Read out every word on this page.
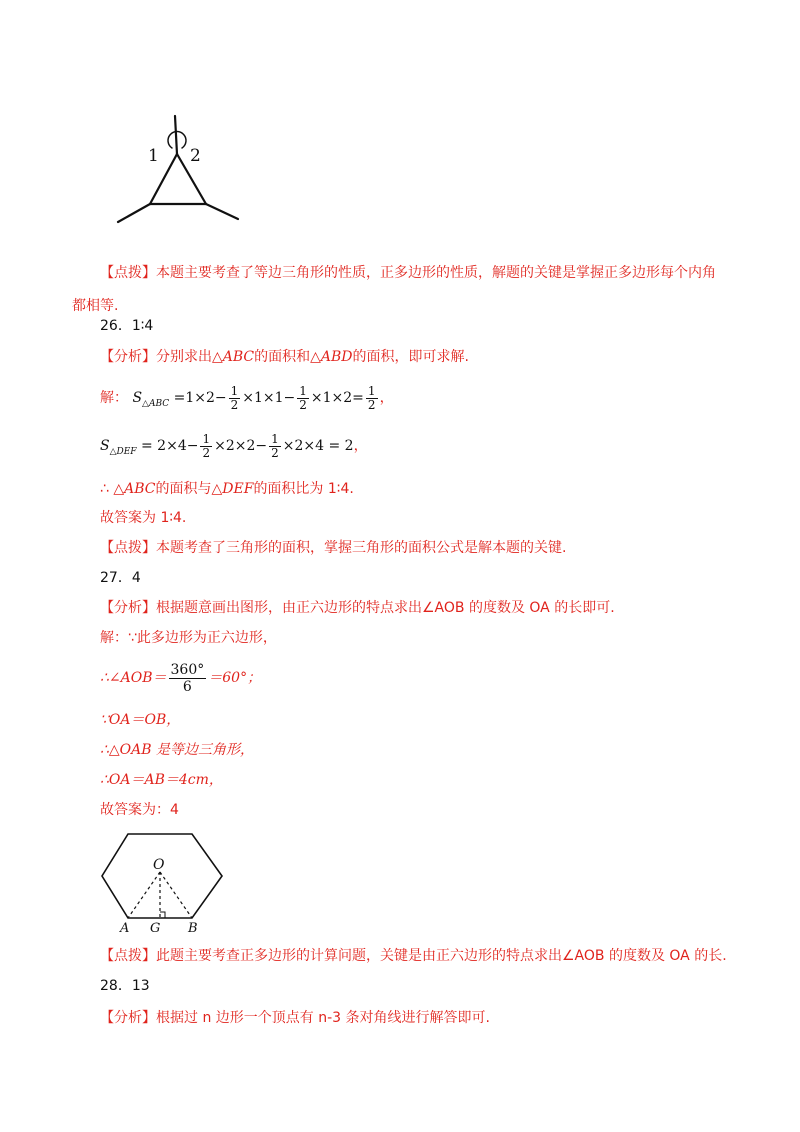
1 2
【点拨】本题主要考查了等边三角形的性质，正多边形的性质，解题的关键是掌握正多边形每个内角
都相等.
26．1∶4
【分析】分别求出△ABC的面积和△ABD的面积，即可求解.
解： $S_{\triangle ABC} =1\times 2- \frac{1}{2} \times 1\times 1- \frac{1}{2} \times 1\times 2= \frac{1}{2}$ ，
$S_{\triangle DEF} = 2\times 4- \frac{1}{2} \times 2\times 2- \frac{1}{2} \times 2\times 4 = 2$，
∴ △ABC的面积与△DEF的面积比为 1∶4.
故答案为 1∶4.
【点拨】本题考查了三角形的面积，掌握三角形的面积公式是解本题的关键.
27．4
【分析】根据题意画出图形，由正六边形的特点求出∠AOB 的度数及 OA 的长即可.
解：∵此多边形为正六边形，
∴∠AOB＝ $\frac{360^\circ}{6} =60^\circ$；
∵OA＝OB，
∴△OAB 是等边三角形，
∴OA＝AB＝4cm，
故答案为：4
O
A G B
【点拨】此题主要考查正多边形的计算问题，关键是由正六边形的特点求出∠AOB 的度数及 OA 的长.
28．13
【分析】根据过 n 边形一个顶点有 n-3 条对角线进行解答即可.
